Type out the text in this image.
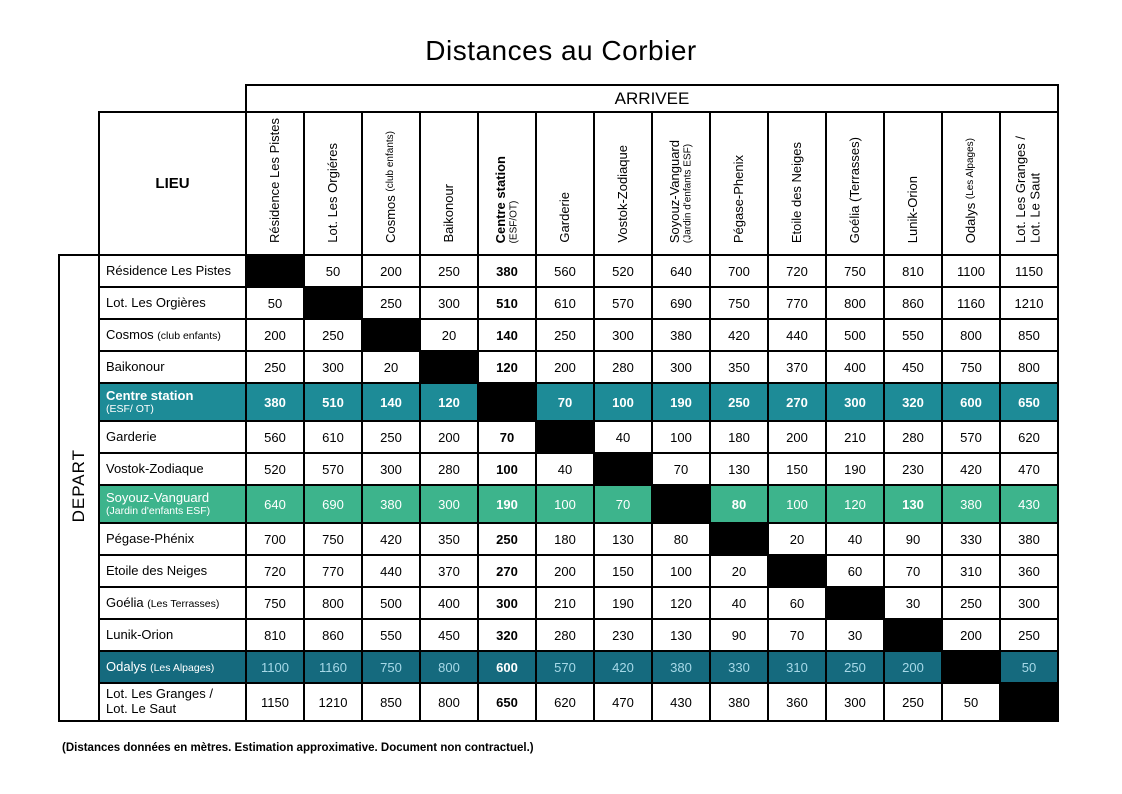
Distances au Corbier
		ARRIVEE													
	LIEU	Résidence Les Pistes	Lot. Les Orgiéres	Cosmos (club enfants)	Baikonour	Centre station (ESF/OT)	Garderie	Vostok-Zodiaque	Soyouz-Vanguard (Jardin d'enfants ESF)	Pégase-Phenix	Etoile des Neiges	Goélia (Terrasses)	Lunik-Orion	Odalys (Les Alpages)	Lot. Les Granges / Lot. Le Saut

DEPART	Résidence Les Pistes		50	200	250	380	560	520	640	700	720	750	810	1100	1150
	Lot. Les Orgières	50		250	300	510	610	570	690	750	770	800	860	1160	1210
	Cosmos (club enfants)	200	250		20	140	250	300	380	420	440	500	550	800	850
	Baikonour	250	300	20		120	200	280	300	350	370	400	450	750	800

	Centre station
(ESF/ OT)	380	510	140	120		70	100	190	250	270	300	320	600	650
	Garderie	560	610	250	200	70		40	100	180	200	210	280	570	620
	Vostok-Zodiaque	520	570	300	280	100	40		70	130	150	190	230	420	470

	Soyouz-Vanguard
(Jardin d'enfants ESF)	640	690	380	300	190	100	70		80	100	120	130	380	430
	Pégase-Phénix	700	750	420	350	250	180	130	80		20	40	90	330	380
	Etoile des Neiges	720	770	440	370	270	200	150	100	20		60	70	310	360
	Goélia (Les Terrasses)	750	800	500	400	300	210	190	120	40	60		30	250	300
	Lunik-Orion	810	860	550	450	320	280	230	130	90	70	30		200	250
	Odalys (Les Alpages)	1100	1160	750	800	600	570	420	380	330	310	250	200		50

	Lot. Les Granges /
Lot. Le Saut	1150	1210	850	800	650	620	470	430	380	360	300	250	50	
(Distances données en mètres. Estimation approximative. Document non contractuel.)
